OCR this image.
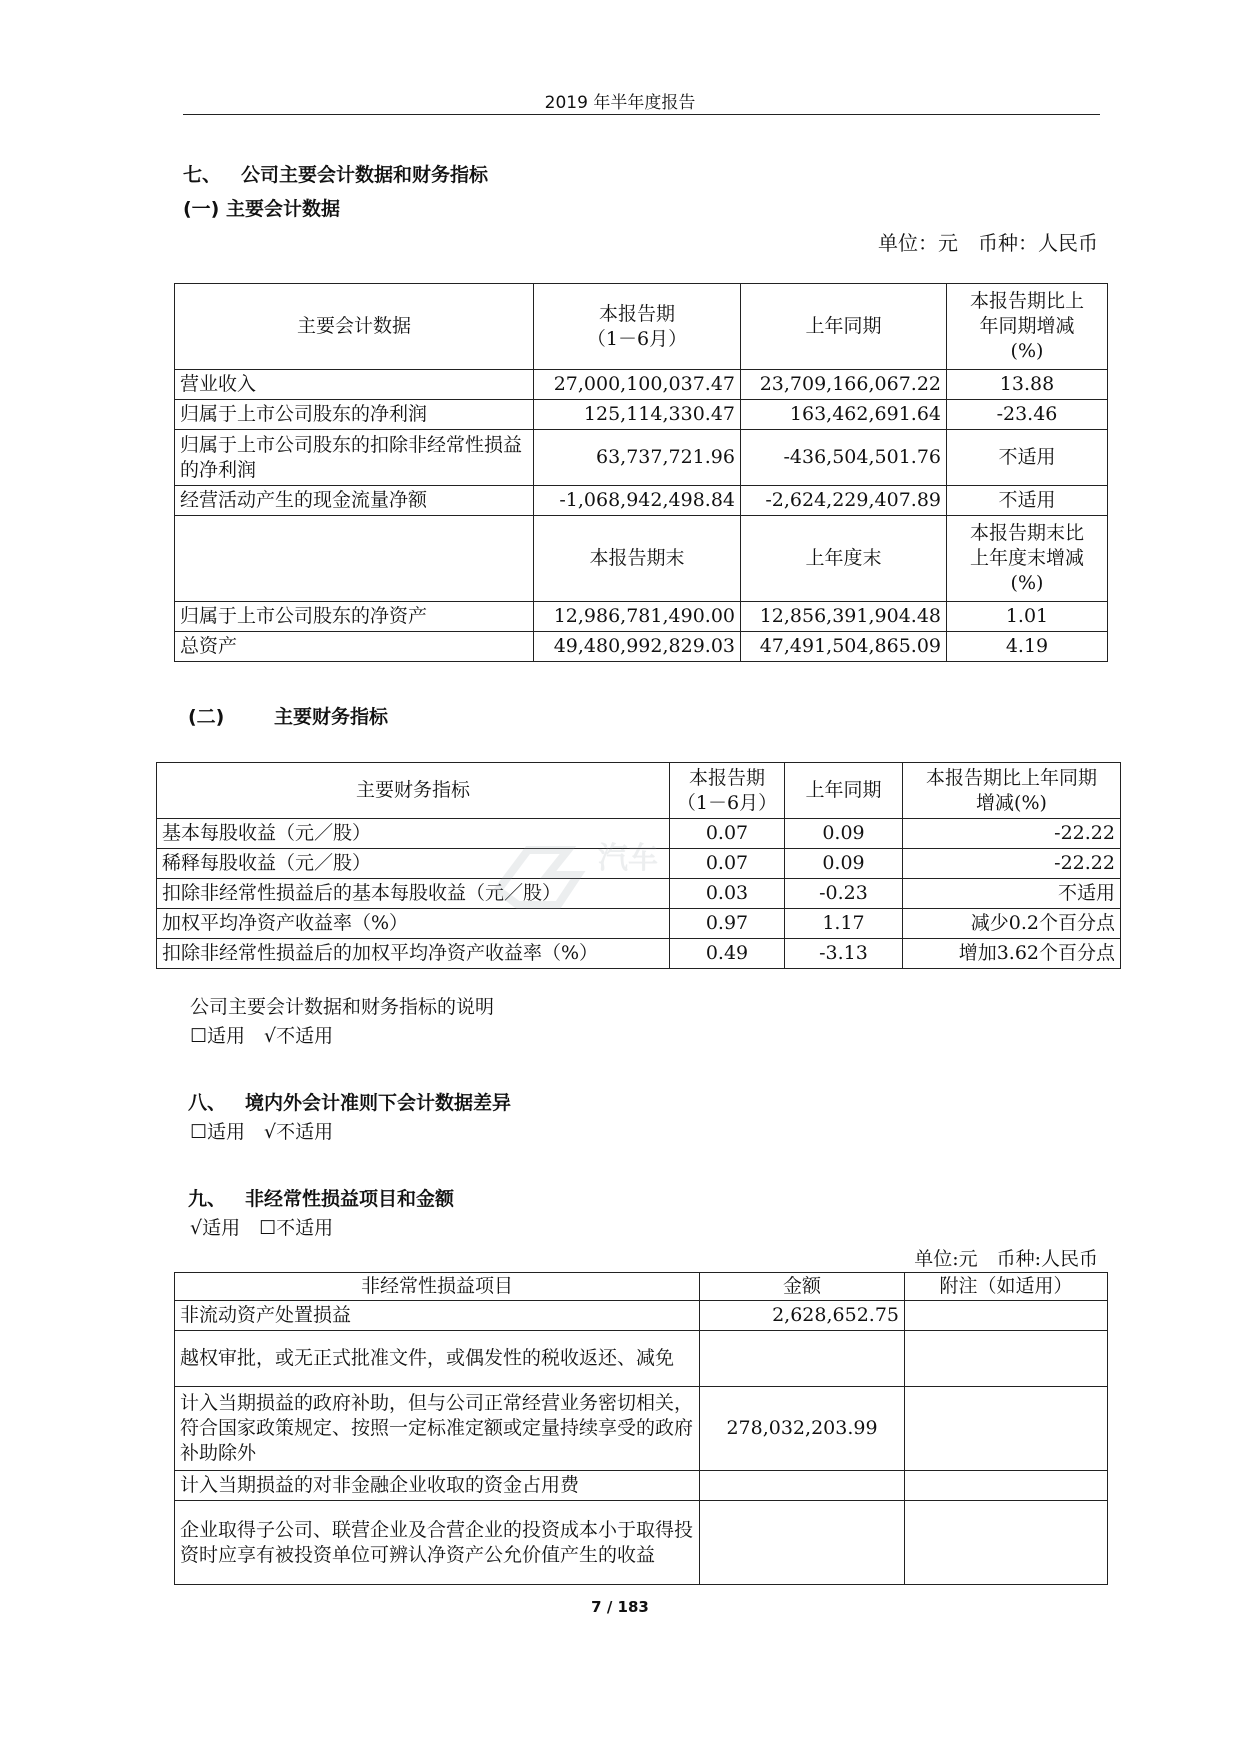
2019 年半年度报告
七、 公司主要会计数据和财务指标
(一) 主要会计数据
单位：元　币种：人民币
主要会计数据	本报告期
（1－6月）	上年同期	本报告期比上
年同期增减
(%)
营业收入	27,000,100,037.47	23,709,166,067.22	13.88
归属于上市公司股东的净利润	125,114,330.47	163,462,691.64	-23.46
归属于上市公司股东的扣除非经常性损益的净利润	63,737,721.96	-436,504,501.76	不适用
经营活动产生的现金流量净额	-1,068,942,498.84	-2,624,229,407.89	不适用
	本报告期末	上年度末	本报告期末比
上年度末增减
(%)
归属于上市公司股东的净资产	12,986,781,490.00	12,856,391,904.48	1.01
总资产	49,480,992,829.03	47,491,504,865.09	4.19
(二)	主要财务指标
主要财务指标	本报告期
（1－6月）	上年同期	本报告期比上年同期
增减(%)
基本每股收益（元／股）	0.07	0.09	-22.22
稀释每股收益（元／股）	0.07	0.09	-22.22
扣除非经常性损益后的基本每股收益（元／股）	0.03	-0.23	不适用
加权平均净资产收益率（%）	0.97	1.17	减少0.2个百分点
扣除非经常性损益后的加权平均净资产收益率（%）	0.49	-3.13	增加3.62个百分点
汽车
公司主要会计数据和财务指标的说明
☐适用　√不适用
八、 境内外会计准则下会计数据差异
☐适用　√不适用
九、 非经常性损益项目和金额
√适用　☐不适用
单位:元　币种:人民币
非经常性损益项目	金额	附注（如适用）
非流动资产处置损益	2,628,652.75	
越权审批，或无正式批准文件，或偶发性的税收返还、减免		
计入当期损益的政府补助，但与公司正常经营业务密切相关，符合国家政策规定、按照一定标准定额或定量持续享受的政府补助除外	278,032,203.99	
计入当期损益的对非金融企业收取的资金占用费		
企业取得子公司、联营企业及合营企业的投资成本小于取得投资时应享有被投资单位可辨认净资产公允价值产生的收益		
7 / 183
